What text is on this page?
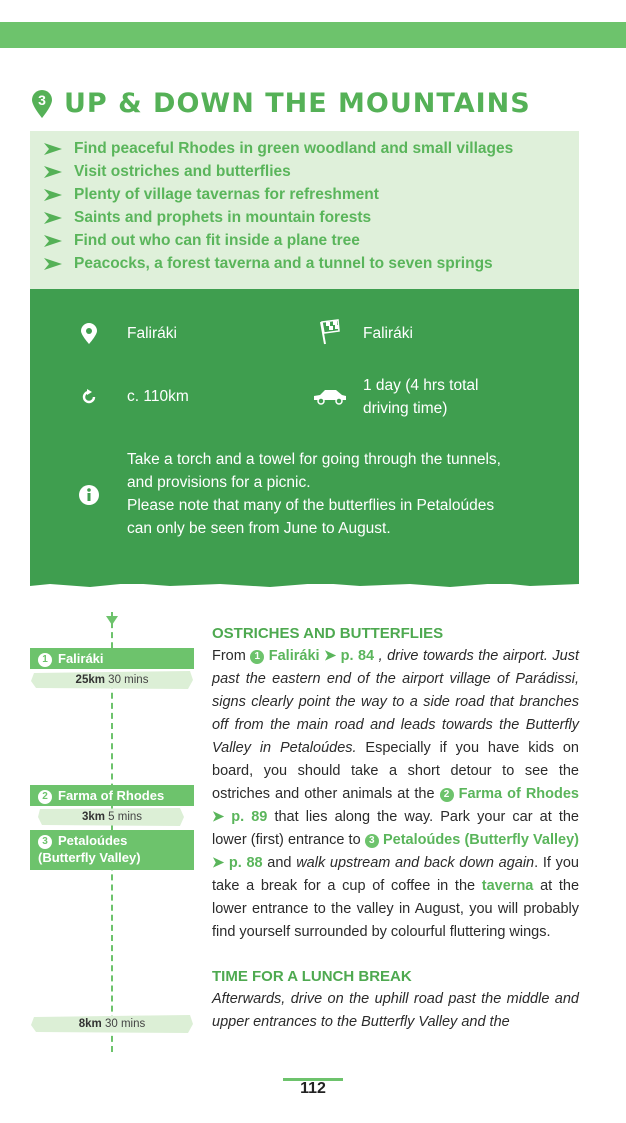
3 UP & DOWN THE MOUNTAINS
Find peaceful Rhodes in green woodland and small villages
Visit ostriches and butterflies
Plenty of village tavernas for refreshment
Saints and prophets in mountain forests
Find out who can fit inside a plane tree
Peacocks, a forest taverna and a tunnel to seven springs
Faliráki	Faliráki
c. 110km
1 day (4 hrs total
driving time)
Take a torch and a towel for going through the tunnels,
and provisions for a picnic.
Please note that many of the butterflies in Petaloúdes
can only be seen from June to August.
1 Faliráki
25km 30 mins
2 Farma of Rhodes
3km 5 mins
3 Petaloúdes
(Butterfly Valley)
8km 30 mins
OSTRICHES AND BUTTERFLIES

From 1 Faliráki ➤ p. 84 , drive towards the airport. Just past the eastern end of the airport village of Parádissi, signs clearly point the way to a side road that branches off from the main road and leads towards the Butterfly Valley in Petaloúdes. Especially if you have kids on board, you should take a short detour to see the ostriches and other animals at the 2 Farma of Rhodes ➤ p. 89 that lies along the way. Park your car at the lower (first) entrance to 3 Petaloúdes (Butterfly Valley) ➤ p. 88 and walk upstream and back down again. If you take a break for a cup of coffee in the taverna at the lower entrance to the valley in August, you will probably find yourself surrounded by colourful fluttering wings.

TIME FOR A LUNCH BREAK

Afterwards, drive on the uphill road past the middle and upper entrances to the Butterfly Valley and the

112
